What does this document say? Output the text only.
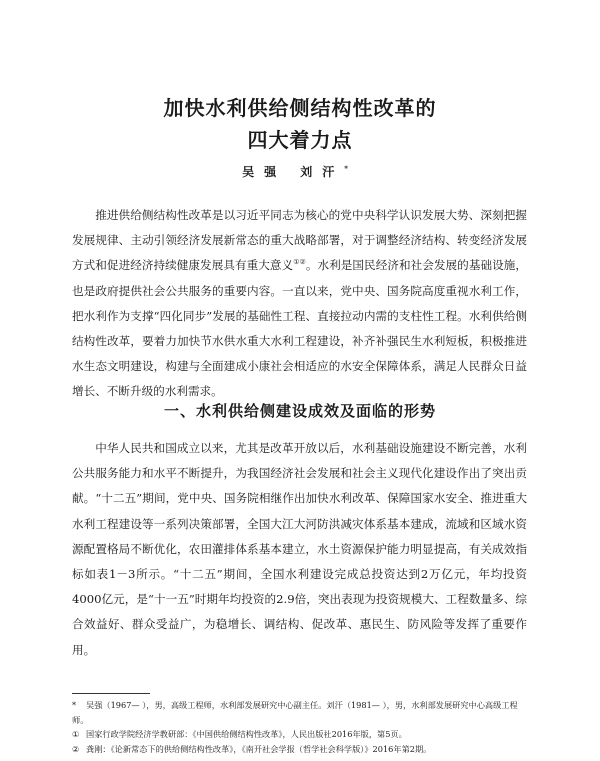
加快水利供给侧结构性改革的
四大着力点
吴强 刘汗*

推进供给侧结构性改革是以习近平同志为核心的党中央科学认识发展大势、深刻把握发展规律、主动引领经济发展新常态的重大战略部署，对于调整经济结构、转变经济发展方式和促进经济持续健康发展具有重大意义①②。水利是国民经济和社会发展的基础设施，也是政府提供社会公共服务的重要内容。一直以来，党中央、国务院高度重视水利工作，把水利作为支撑“四化同步”发展的基础性工程、直接拉动内需的支柱性工程。水利供给侧结构性改革，要着力加快节水供水重大水利工程建设，补齐补强民生水利短板，积极推进水生态文明建设，构建与全面建成小康社会相适应的水安全保障体系，满足人民群众日益增长、不断升级的水利需求。

一、水利供给侧建设成效及面临的形势

中华人民共和国成立以来，尤其是改革开放以后，水利基础设施建设不断完善，水利公共服务能力和水平不断提升，为我国经济社会发展和社会主义现代化建设作出了突出贡献。“十二五”期间，党中央、国务院相继作出加快水利改革、保障国家水安全、推进重大水利工程建设等一系列决策部署，全国大江大河防洪减灾体系基本建成，流域和区域水资源配置格局不断优化，农田灌排体系基本建立，水土资源保护能力明显提高，有关成效指标如表1－3所示。“十二五”期间，全国水利建设完成总投资达到2万亿元，年均投资4000亿元，是“十一五”时期年均投资的2.9倍，突出表现为投资规模大、工程数量多、综合效益好、群众受益广，为稳增长、调结构、促改革、惠民生、防风险等发挥了重要作用。

* 吴强（1967— ），男，高级工程师，水利部发展研究中心副主任。刘汗（1981— ），男，水利部发展研究中心高级工程师。

① 国家行政学院经济学教研部：《中国供给侧结构性改革》，人民出版社2016年版，第5页。

② 龚刚：《论新常态下的供给侧结构性改革》，《南开社会学报（哲学社会科学版）》2016年第2期。
